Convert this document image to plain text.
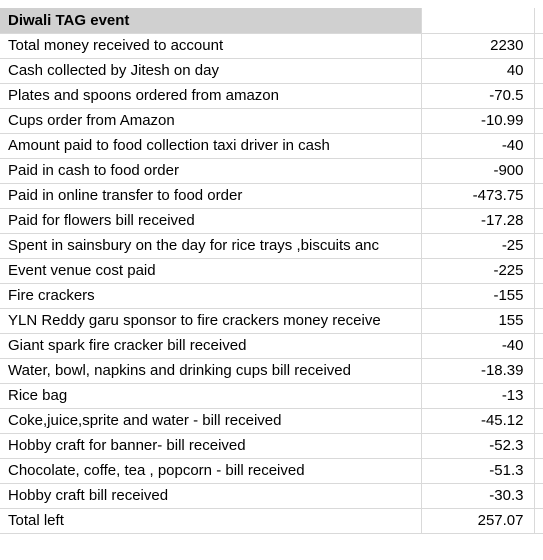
Diwali TAG event		
Total money received to account	2230	
Cash collected by Jitesh on day	40	
Plates and spoons ordered from amazon	-70.5	
Cups order from Amazon	-10.99	
Amount paid to food collection taxi driver in cash	-40	
Paid in cash to food order	-900	
Paid in online transfer to food order	-473.75	
Paid for flowers bill received	-17.28	
Spent in sainsbury on the day for rice trays ,biscuits anc	-25	
Event venue cost paid	-225	
Fire crackers	-155	
YLN Reddy garu sponsor to fire crackers money receive	155	
Giant spark fire cracker bill received	-40	
Water, bowl, napkins and drinking cups bill received	-18.39	
Rice bag	-13	
Coke,juice,sprite and water - bill received	-45.12	
Hobby craft for banner- bill received	-52.3	
Chocolate, coffe, tea , popcorn - bill received	-51.3	
Hobby craft bill received	-30.3	
Total left	257.07	
